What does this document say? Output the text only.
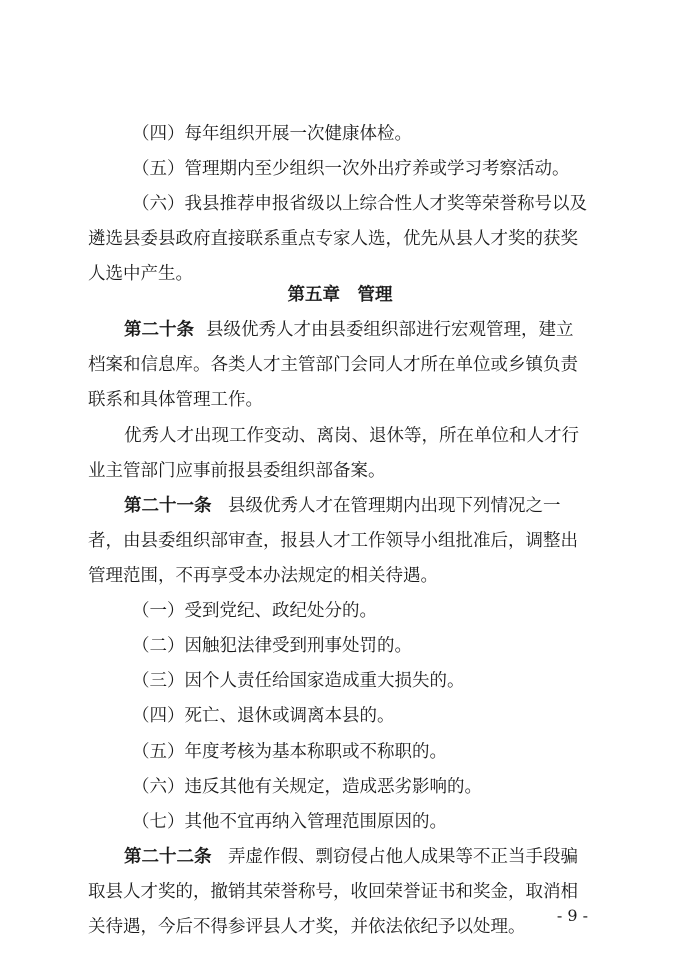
（四）每年组织开展一次健康体检。
（五）管理期内至少组织一次外出疗养或学习考察活动。
（六）我县推荐申报省级以上综合性人才奖等荣誉称号以及
遴选县委县政府直接联系重点专家人选，优先从县人才奖的获奖
人选中产生。
第五章　管理
第二十条 县级优秀人才由县委组织部进行宏观管理，建立
档案和信息库。各类人才主管部门会同人才所在单位或乡镇负责
联系和具体管理工作。
优秀人才出现工作变动、离岗、退休等，所在单位和人才行
业主管部门应事前报县委组织部备案。
第二十一条 县级优秀人才在管理期内出现下列情况之一
者，由县委组织部审查，报县人才工作领导小组批准后，调整出
管理范围，不再享受本办法规定的相关待遇。
（一）受到党纪、政纪处分的。
（二）因触犯法律受到刑事处罚的。
（三）因个人责任给国家造成重大损失的。
（四）死亡、退休或调离本县的。
（五）年度考核为基本称职或不称职的。
（六）违反其他有关规定，造成恶劣影响的。
（七）其他不宜再纳入管理范围原因的。
第二十二条 弄虚作假、剽窃侵占他人成果等不正当手段骗
取县人才奖的，撤销其荣誉称号，收回荣誉证书和奖金，取消相
关待遇，今后不得参评县人才奖，并依法依纪予以处理。
- 9 -
